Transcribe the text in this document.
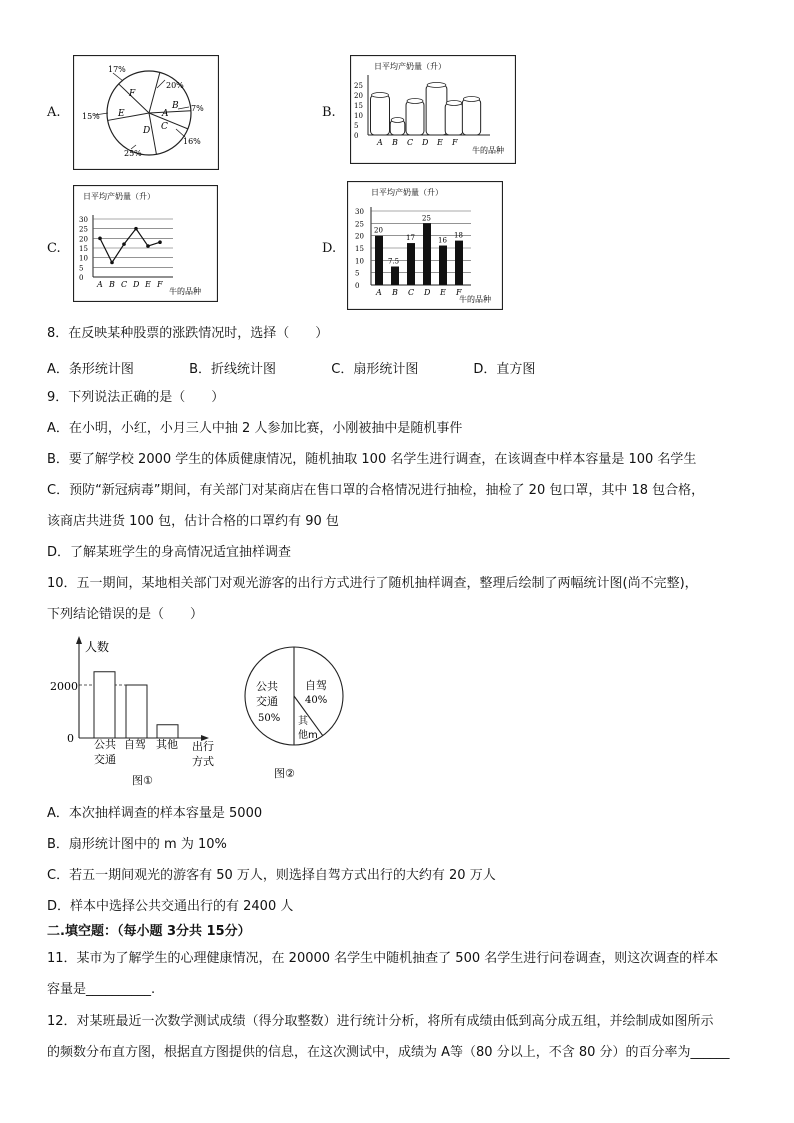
A.	A
B
C
D
E
F
20%
7%
16%
25%
15%
17%
B.
日平均产奶量（升）
0
5
10
15
20
25
A B C D E F
牛的品种
C.
日平均产奶量（升）
0
5
10
15
20
25
30
A B C D E F
牛的品种
D.
日平均产奶量（升）
0
5
10
15
20
25
30
20
7.5
17
25
16
18
A B C D E F
牛的品种
8．在反映某种股票的涨跌情况时，选择（　　）
A．条形统计图	B．折线统计图	C．扇形统计图	D．直方图
9．下列说法正确的是（　　）
A．在小明，小红，小月三人中抽 2 人参加比赛，小刚被抽中是随机事件
B．要了解学校 2000 学生的体质健康情况，随机抽取 100 名学生进行调查，在该调查中样本容量是 100 名学生
C．预防“新冠病毒”期间，有关部门对某商店在售口罩的合格情况进行抽检，抽检了 20 包口罩，其中 18 包合格，
该商店共进货 100 包，估计合格的口罩约有 90 包
D．了解某班学生的身高情况适宜抽样调查
10．五一期间，某地相关部门对观光游客的出行方式进行了随机抽样调查，整理后绘制了两幅统计图(尚不完整)，
下列结论错误的是（　　）
人数
2000
0 公共
交通
自驾 其他 出行
方式
图①
公共
交通
50%
自驾
40%
其
他m
图②
A．本次抽样调查的样本容量是 5000
B．扇形统计图中的 m 为 10%
C．若五一期间观光的游客有 50 万人，则选择自驾方式出行的大约有 20 万人
D．样本中选择公共交通出行的有 2400 人
二.填空题：（每小题 3分共 15分）
11．某市为了解学生的心理健康情况，在 20000 名学生中随机抽查了 500 名学生进行问卷调查，则这次调查的样本
容量是__________.
12．对某班最近一次数学测试成绩（得分取整数）进行统计分析，将所有成绩由低到高分成五组，并绘制成如图所示
的频数分布直方图，根据直方图提供的信息，在这次测试中，成绩为 A等（80 分以上，不含 80 分）的百分率为______
